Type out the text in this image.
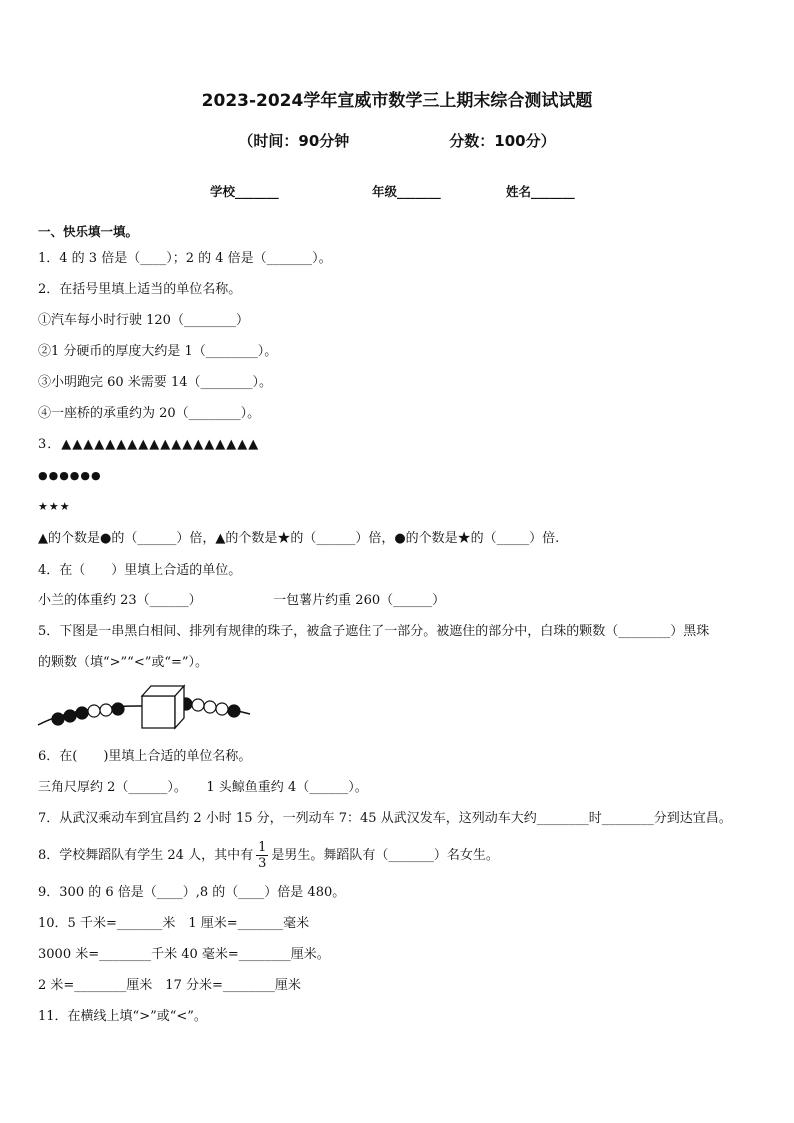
2023-2024学年宣威市数学三上期末综合测试试题
（时间：90分钟	分数：100分）
学校_______	年级_______	姓名_______
一、快乐填一填。
1．4 的 3 倍是（____）；2 的 4 倍是（_______）。
2．在括号里填上适当的单位名称。
①汽车每小时行驶 120（________）
②1 分硬币的厚度大约是 1（________）。
③小明跑完 60 米需要 14（________）。
④一座桥的承重约为 20（________）。
3．▲▲▲▲▲▲▲▲▲▲▲▲▲▲▲▲▲▲
●●●●●●
★★★
▲的个数是●的（______）倍，▲的个数是★的（______）倍，●的个数是★的（_____）倍.
4．在（　　）里填上合适的单位。
小兰的体重约 23（______）　　　　　　一包薯片约重 260（______）
5．下图是一串黑白相间、排列有规律的珠子，被盒子遮住了一部分。被遮住的部分中，白珠的颗数（________）黑珠
的颗数（填“>”“<”或“=”）。
6．在(　　)里填上合适的单位名称。
三角尺厚约 2（______）。　　1 头鲸鱼重约 4（______）。
7．从武汉乘动车到宜昌约 2 小时 15 分，一列动车 7：45 从武汉发车，这列动车大约________时________分到达宜昌。
8．学校舞蹈队有学生 24 人，其中有 $\frac{1}{3}$ 是男生。舞蹈队有（_______）名女生。
9．300 的 6 倍是（____）,8 的（____）倍是 480。
10．5 千米=_______米　1 厘米=_______毫米
3000 米=________千米 40 毫米=________厘米。
2 米=________厘米　17 分米=________厘米
11．在横线上填“>”或“<”。
